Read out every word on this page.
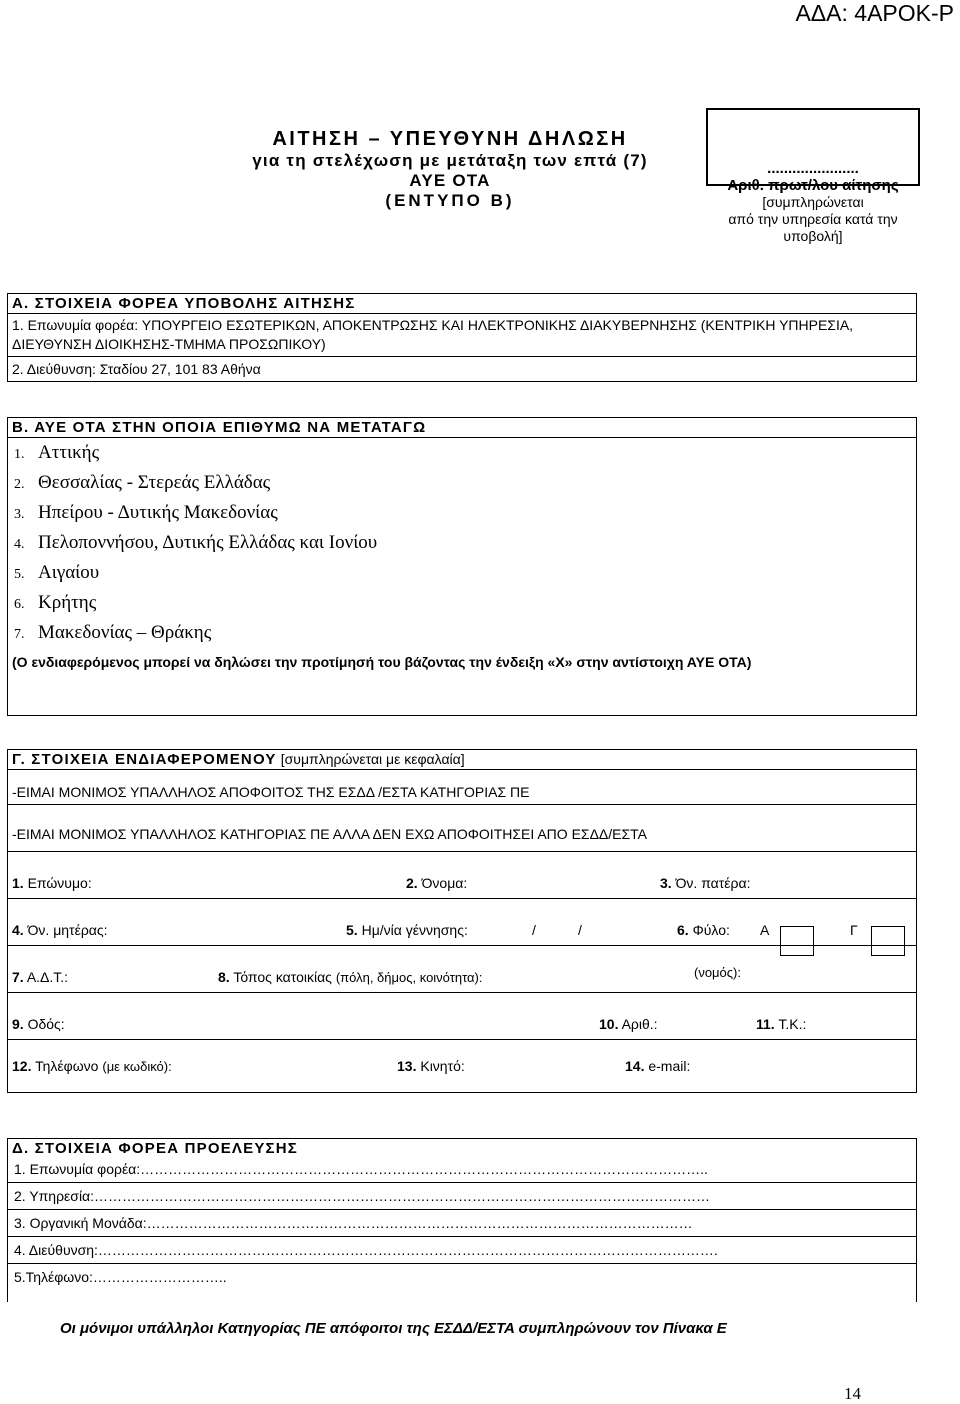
ΑΔΑ: 4ΑΡΟΚ-Ρ
ΑΙΤΗΣΗ – ΥΠΕΥΘΥΝΗ ΔΗΛΩΣΗ
για τη στελέχωση με μετάταξη των επτά (7)
ΑΥΕ ΟΤΑ
(ΕΝΤΥΠΟ Β)
......................
Αριθ. πρωτ/λου αίτησης
[συμπληρώνεται
από την υπηρεσία κατά την
υποβολή]
Α. ΣΤΟΙΧΕΙΑ ΦΟΡΕΑ ΥΠΟΒΟΛΗΣ ΑΙΤΗΣΗΣ
1. Επωνυμία φορέα: ΥΠΟΥΡΓΕΙΟ ΕΣΩΤΕΡΙΚΩΝ, ΑΠΟΚΕΝΤΡΩΣΗΣ ΚΑΙ ΗΛΕΚΤΡΟΝΙΚΗΣ ΔΙΑΚΥΒΕΡΝΗΣΗΣ (ΚΕΝΤΡΙΚΗ ΥΠΗΡΕΣΙΑ, ΔΙΕΥΘΥΝΣΗ ΔΙΟΙΚΗΣΗΣ-ΤΜΗΜΑ ΠΡΟΣΩΠΙΚΟΥ)
2. Διεύθυνση: Σταδίου 27, 101 83 Αθήνα
Β. ΑΥΕ ΟΤΑ ΣΤΗΝ ΟΠΟΙΑ ΕΠΙΘΥΜΩ ΝΑ ΜΕΤΑΤΑΓΩ
1. Αττικής
2. Θεσσαλίας - Στερεάς Ελλάδας
3. Ηπείρου - Δυτικής Μακεδονίας
4. Πελοποννήσου, Δυτικής Ελλάδας και Ιονίου
5. Αιγαίου
6. Κρήτης
7. Μακεδονίας – Θράκης
(Ο ενδιαφερόμενος μπορεί να δηλώσει την προτίμησή του βάζοντας την ένδειξη «Χ» στην αντίστοιχη ΑΥΕ ΟΤΑ)
Γ. ΣΤΟΙΧΕΙΑ ΕΝΔΙΑΦΕΡΟΜΕΝΟΥ [συμπληρώνεται με κεφαλαία]
-ΕΙΜΑΙ ΜΟΝΙΜΟΣ ΥΠΑΛΛΗΛΟΣ ΑΠΟΦΟΙΤΟΣ ΤΗΣ ΕΣΔΔ /ΕΣΤΑ ΚΑΤΗΓΟΡΙΑΣ ΠΕ
-ΕΙΜΑΙ ΜΟΝΙΜΟΣ ΥΠΑΛΛΗΛΟΣ ΚΑΤΗΓΟΡΙΑΣ ΠΕ ΑΛΛΑ ΔΕΝ ΕΧΩ ΑΠΟΦΟΙΤΗΣΕΙ ΑΠΟ ΕΣΔΔ/ΕΣΤΑ
1. Επώνυμο:	2. Όνομα:	3. Όν. πατέρα:
4. Όν. μητέρας:	5. Ημ/νία γέννησης:	/	/	6. Φύλο: Α	Γ
7. Α.Δ.Τ.:	8. Τόπος κατοικίας (πόλη, δήμος, κοινότητα):	(νομός):
9. Οδός:	10. Αριθ.:	11. Τ.Κ.:
12. Τηλέφωνο (με κωδικό):	13. Κινητό:	14. e-mail:
Δ. ΣΤΟΙΧΕΙΑ ΦΟΡΕΑ ΠΡΟΕΛΕΥΣΗΣ
1. Επωνυμία φορέα:…………………………………………………………………………………………………………..
2. Υπηρεσία:……………………………………………………………………………………………………………………
3. Οργανική Μονάδα:………………………………………………………………………………………………………
4. Διεύθυνση:…………………………………………………………………………………………………………………….
5.Τηλέφωνο:………………………..
Οι μόνιμοι υπάλληλοι Κατηγορίας ΠΕ απόφοιτοι της ΕΣΔΔ/ΕΣΤΑ συμπληρώνουν τον Πίνακα Ε
14
